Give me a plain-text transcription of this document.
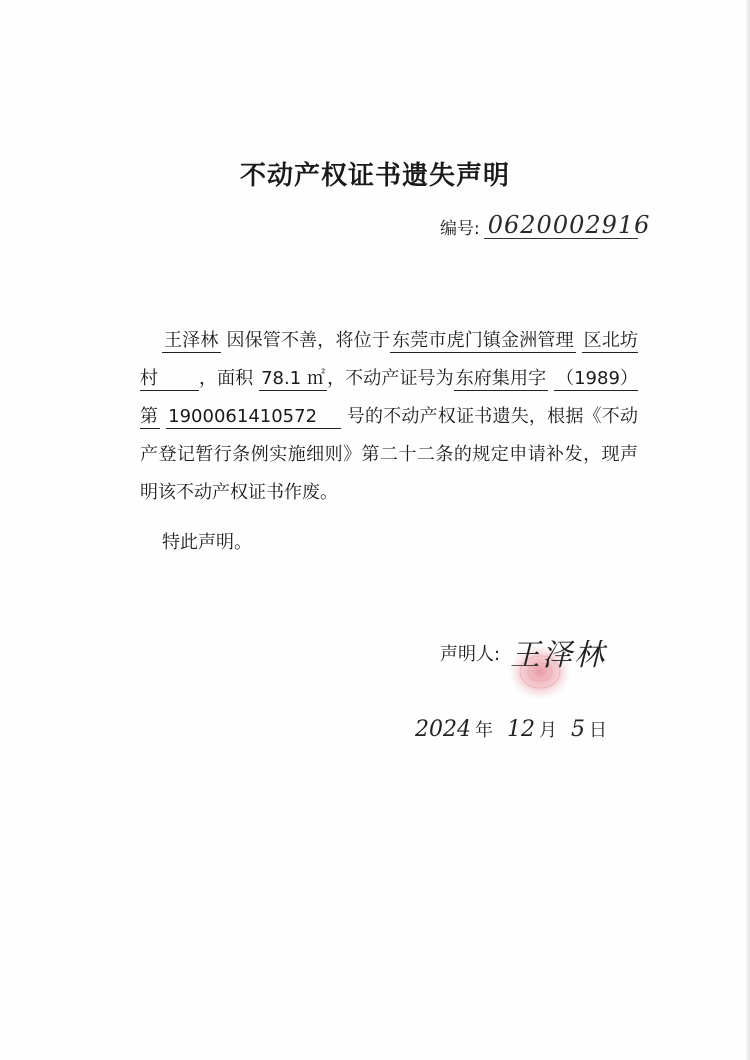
不动产权证书遗失声明
编号: 0620002916
王泽林 因保管不善，将位于 东莞市虎门镇金洲管理 区北坊村 ，面积 78.1 ㎡ ，不动产证号为 东府集用字 （1989）第 1900061410572 号的不动产权证书遗失，根据《不动产登记暂行条例实施细则》第二十二条的规定申请补发，现声明该不动产权证书作废。
特此声明。
声明人: 王泽林
2024 年 12 月 5 日
